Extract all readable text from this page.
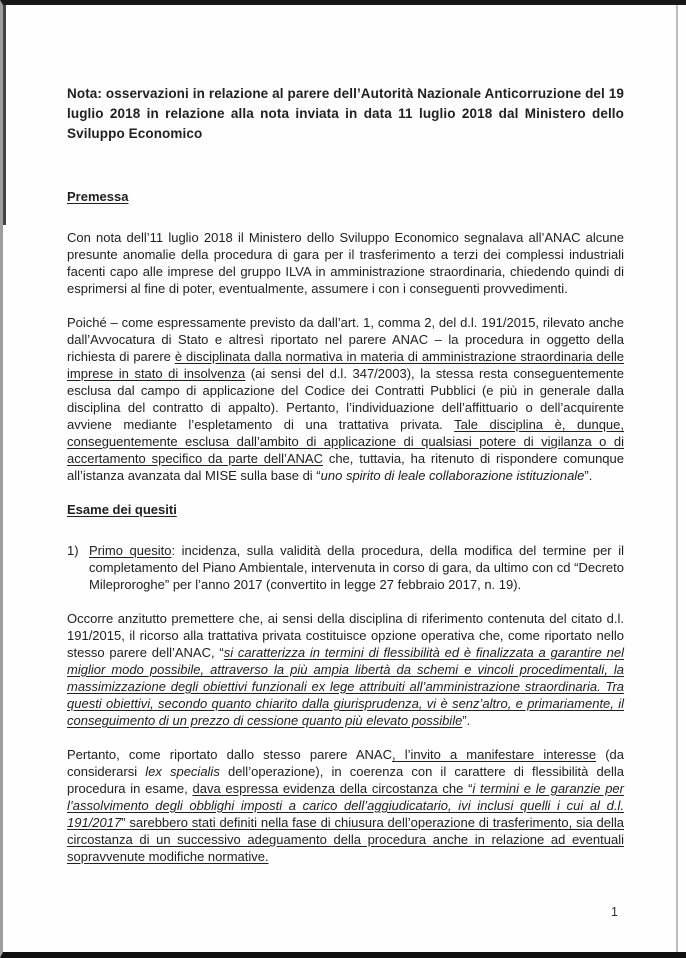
Nota: osservazioni in relazione al parere dell’Autorità Nazionale Anticorruzione del 19 luglio 2018 in relazione alla nota inviata in data 11 luglio 2018 dal Ministero dello Sviluppo Economico
Premessa
Con nota dell’11 luglio 2018 il Ministero dello Sviluppo Economico segnalava all’ANAC alcune presunte anomalie della procedura di gara per il trasferimento a terzi dei complessi industriali facenti capo alle imprese del gruppo ILVA in amministrazione straordinaria, chiedendo quindi di esprimersi al fine di poter, eventualmente, assumere i con i conseguenti provvedimenti.
Poiché – come espressamente previsto da dall’art. 1, comma 2, del d.l. 191/2015, rilevato anche dall’Avvocatura di Stato e altresì riportato nel parere ANAC – la procedura in oggetto della richiesta di parere è disciplinata dalla normativa in materia di amministrazione straordinaria delle imprese in stato di insolvenza (ai sensi del d.l. 347/2003), la stessa resta conseguentemente esclusa dal campo di applicazione del Codice dei Contratti Pubblici (e più in generale dalla disciplina del contratto di appalto). Pertanto, l’individuazione dell’affittuario o dell’acquirente avviene mediante l’espletamento di una trattativa privata. Tale disciplina è, dunque, conseguentemente esclusa dall’ambito di applicazione di qualsiasi potere di vigilanza o di accertamento specifico da parte dell’ANAC che, tuttavia, ha ritenuto di rispondere comunque all’istanza avanzata dal MISE sulla base di “uno spirito di leale collaborazione istituzionale”.
Esame dei quesiti
1) Primo quesito: incidenza, sulla validità della procedura, della modifica del termine per il completamento del Piano Ambientale, intervenuta in corso di gara, da ultimo con cd “Decreto Mileproroghe” per l’anno 2017 (convertito in legge 27 febbraio 2017, n. 19).
Occorre anzitutto premettere che, ai sensi della disciplina di riferimento contenuta del citato d.l. 191/2015, il ricorso alla trattativa privata costituisce opzione operativa che, come riportato nello stesso parere dell’ANAC, “si caratterizza in termini di flessibilità ed è finalizzata a garantire nel miglior modo possibile, attraverso la più ampia libertà da schemi e vincoli procedimentali, la massimizzazione degli obiettivi funzionali ex lege attribuiti all’amministrazione straordinaria. Tra questi obiettivi, secondo quanto chiarito dalla giurisprudenza, vi è senz’altro, e primariamente, il conseguimento di un prezzo di cessione quanto più elevato possibile”.
Pertanto, come riportato dallo stesso parere ANAC, l’invito a manifestare interesse (da considerarsi lex specialis dell’operazione), in coerenza con il carattere di flessibilità della procedura in esame, dava espressa evidenza della circostanza che “i termini e le garanzie per l’assolvimento degli obblighi imposti a carico dell’aggiudicatario, ivi inclusi quelli i cui al d.l. 191/2017” sarebbero stati definiti nella fase di chiusura dell’operazione di trasferimento, sia della circostanza di un successivo adeguamento della procedura anche in relazione ad eventuali sopravvenute modifiche normative.
1
